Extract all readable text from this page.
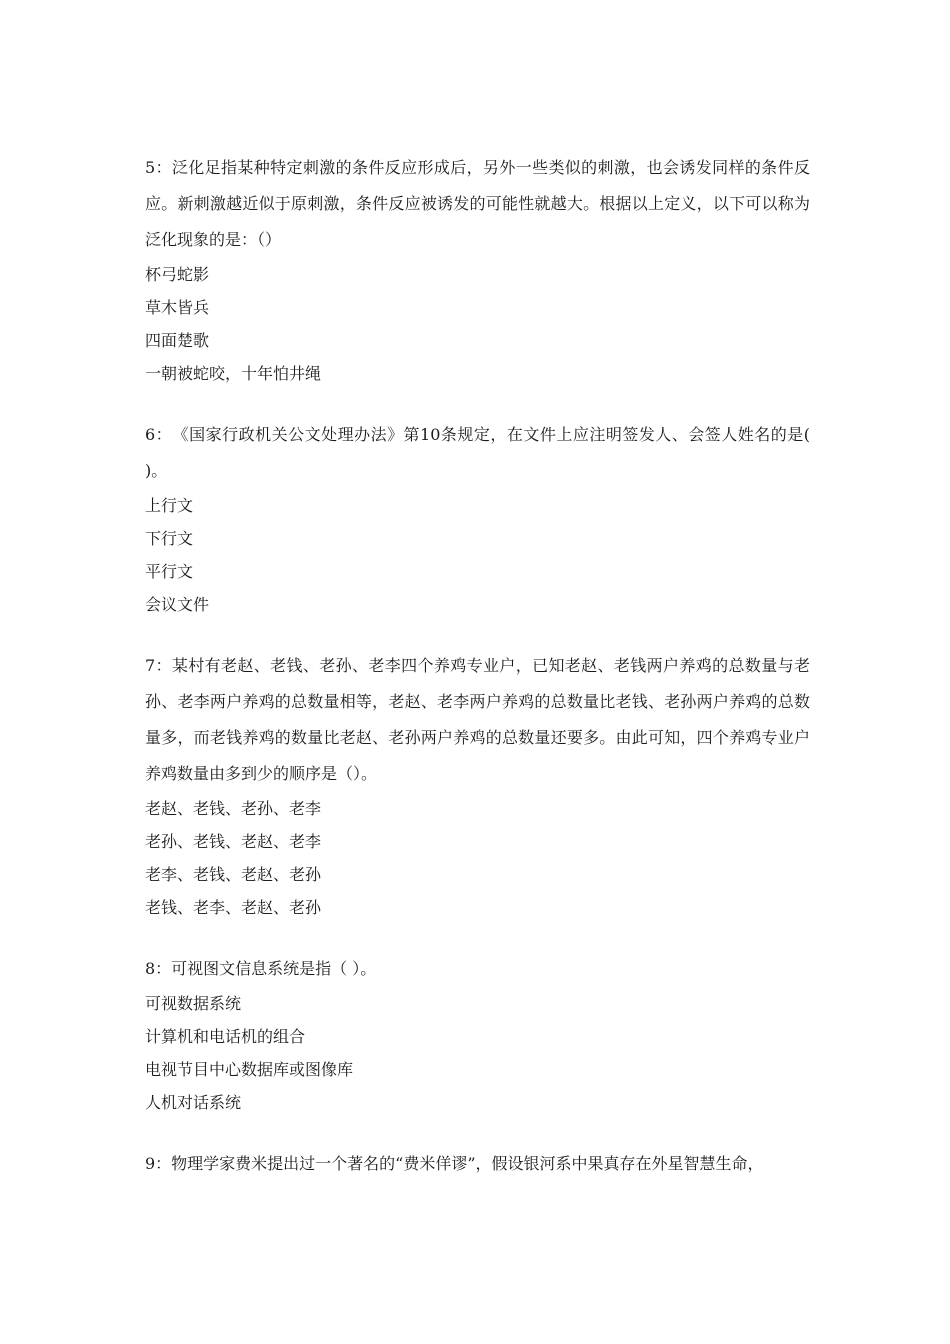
5：泛化足指某种特定刺激的条件反应形成后，另外一些类似的刺激，也会诱发同样的条件反应。新刺激越近似于原刺激，条件反应被诱发的可能性就越大。根据以上定义，以下可以称为泛化现象的是：（）

杯弓蛇影

草木皆兵

四面楚歌

一朝被蛇咬，十年怕井绳

6：　《国家行政机关公文处理办法》第10条规定，在文件上应注明签发人、会签人姓名的是( )。

上行文

下行文

平行文

会议文件

7：某村有老赵、老钱、老孙、老李四个养鸡专业户，已知老赵、老钱两户养鸡的总数量与老孙、老李两户养鸡的总数量相等，老赵、老李两户养鸡的总数量比老钱、老孙两户养鸡的总数量多，而老钱养鸡的数量比老赵、老孙两户养鸡的总数量还要多。由此可知，四个养鸡专业户养鸡数量由多到少的顺序是（）。

老赵、老钱、老孙、老李

老孙、老钱、老赵、老李

老李、老钱、老赵、老孙

老钱、老李、老赵、老孙

8：可视图文信息系统是指（ ）。

可视数据系统

计算机和电话机的组合

电视节目中心数据库或图像库

人机对话系统

9：物理学家费米提出过一个著名的“费米佯谬”，假设银河系中果真存在外星智慧生命，
